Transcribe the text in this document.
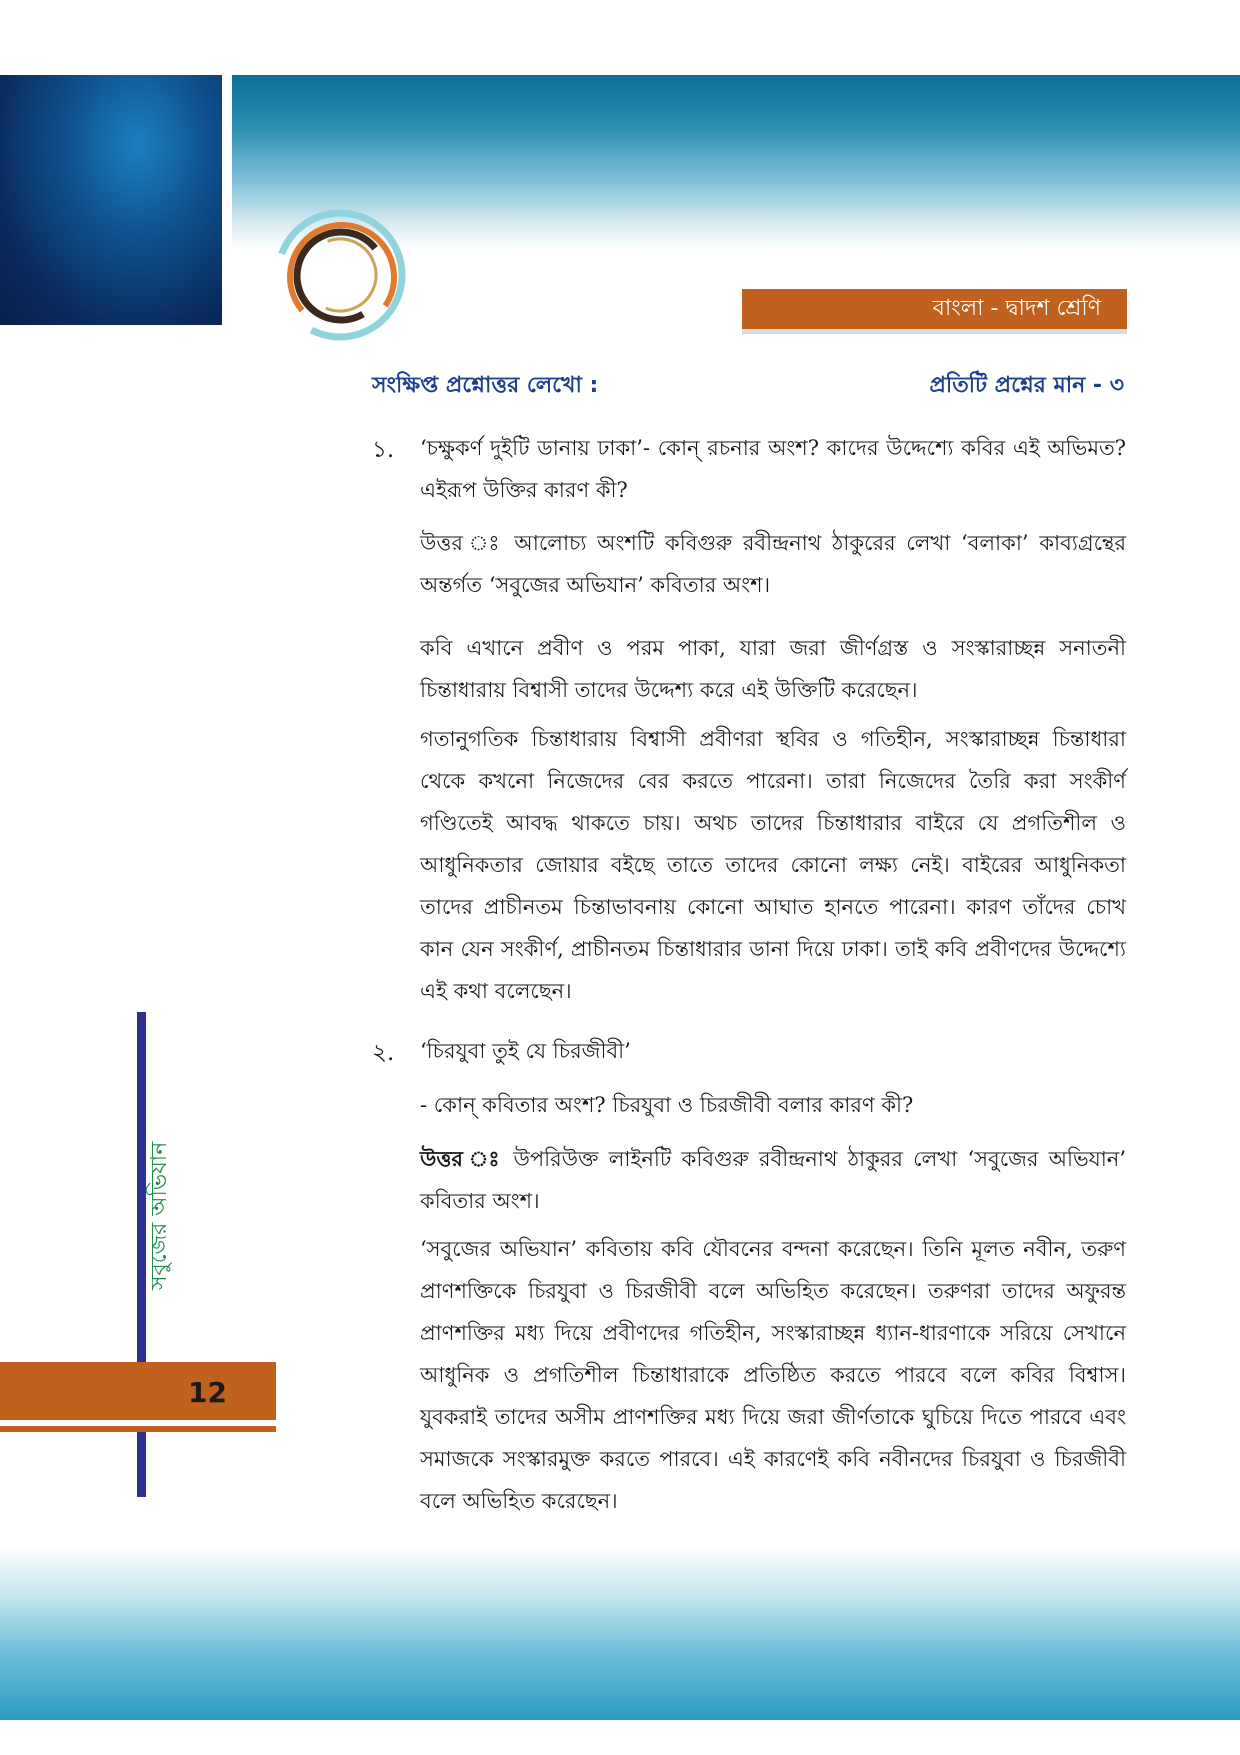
বাংলা - দ্বাদশ শ্রেণি
সংক্ষিপ্ত প্রশ্নোত্তর লেখো :	প্রতিটি প্রশ্নের মান - ৩
১. ‘চক্ষুকর্ণ দুইটি ডানায় ঢাকা’- কোন্ রচনার অংশ? কাদের উদ্দেশ্যে কবির এই অভিমত? এইরূপ উক্তির কারণ কী?

উত্তর ঃ আলোচ্য অংশটি কবিগুরু রবীন্দ্রনাথ ঠাকুরের লেখা ‘বলাকা’ কাব্যগ্রন্থের অন্তর্গত ‘সবুজের অভিযান’ কবিতার অংশ।

কবি এখানে প্রবীণ ও পরম পাকা, যারা জরা জীর্ণগ্রস্ত ও সংস্কারাচ্ছন্ন সনাতনী চিন্তাধারায় বিশ্বাসী তাদের উদ্দেশ্য করে এই উক্তিটি করেছেন।

গতানুগতিক চিন্তাধারায় বিশ্বাসী প্রবীণরা স্থবির ও গতিহীন, সংস্কারাচ্ছন্ন চিন্তাধারা থেকে কখনো নিজেদের বের করতে পারেনা। তারা নিজেদের তৈরি করা সংকীর্ণ গণ্ডিতেই আবদ্ধ থাকতে চায়। অথচ তাদের চিন্তাধারার বাইরে যে প্রগতিশীল ও আধুনিকতার জোয়ার বইছে তাতে তাদের কোনো লক্ষ্য নেই। বাইরের আধুনিকতা তাদের প্রাচীনতম চিন্তাভাবনায় কোনো আঘাত হানতে পারেনা। কারণ তাঁদের চোখ কান যেন সংকীর্ণ, প্রাচীনতম চিন্তাধারার ডানা দিয়ে ঢাকা। তাই কবি প্রবীণদের উদ্দেশ্যে এই কথা বলেছেন।

২. ‘চিরযুবা তুই যে চিরজীবী’

- কোন্ কবিতার অংশ? চিরযুবা ও চিরজীবী বলার কারণ কী?

উত্তর ঃ উপরিউক্ত লাইনটি কবিগুরু রবীন্দ্রনাথ ঠাকুরর লেখা ‘সবুজের অভিযান’ কবিতার অংশ।

‘সবুজের অভিযান’ কবিতায় কবি যৌবনের বন্দনা করেছেন। তিনি মূলত নবীন, তরুণ প্রাণশক্তিকে চিরযুবা ও চিরজীবী বলে অভিহিত করেছেন। তরুণরা তাদের অফুরন্ত প্রাণশক্তির মধ্য দিয়ে প্রবীণদের গতিহীন, সংস্কারাচ্ছন্ন ধ্যান-ধারণাকে সরিয়ে সেখানে আধুনিক ও প্রগতিশীল চিন্তাধারাকে প্রতিষ্ঠিত করতে পারবে বলে কবির বিশ্বাস। যুবকরাই তাদের অসীম প্রাণশক্তির মধ্য দিয়ে জরা জীর্ণতাকে ঘুচিয়ে দিতে পারবে এবং সমাজকে সংস্কারমুক্ত করতে পারবে। এই কারণেই কবি নবীনদের চিরযুবা ও চিরজীবী বলে অভিহিত করেছেন।

সবুজের অভিযান
12
